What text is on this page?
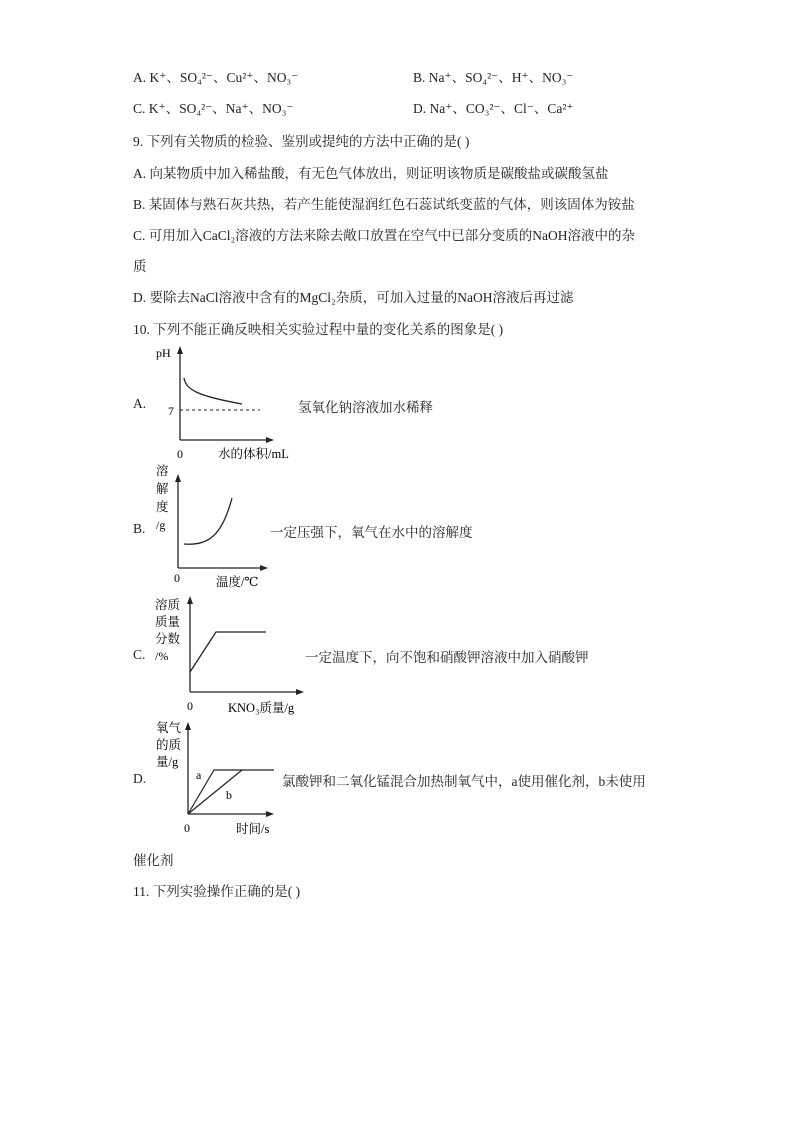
A. K⁺、SO₄²⁻、Cu²⁺、NO₃⁻	B. Na⁺、SO₄²⁻、H⁺、NO₃⁻
C. K⁺、SO₄²⁻、Na⁺、NO₃⁻	D. Na⁺、CO₃²⁻、Cl⁻、Ca²⁺
9. 下列有关物质的检验、鉴别或提纯的方法中正确的是( )
A. 向某物质中加入稀盐酸，有无色气体放出，则证明该物质是碳酸盐或碳酸氢盐
B. 某固体与熟石灰共热，若产生能使湿润红色石蕊试纸变蓝的气体，则该固体为铵盐
C. 可用加入CaCl₂溶液的方法来除去敞口放置在空气中已部分变质的NaOH溶液中的杂
质
D. 要除去NaCl溶液中含有的MgCl₂杂质，可加入过量的NaOH溶液后再过滤
10. 下列不能正确反映相关实验过程中量的变化关系的图象是( )
A.
pH
7
0	水的体积/mL
氢氧化钠溶液加水稀释
B.
溶
解
度
/g
0	温度/℃
一定压强下，氧气在水中的溶解度
C.
溶质
质量
分数
/%
0	KNO₃质量/g
一定温度下，向不饱和硝酸钾溶液中加入硝酸钾
D.
氧气
的质
量/g
a
b
0	时间/s
氯酸钾和二氧化锰混合加热制氧气中，a使用催化剂，b未使用
催化剂
11. 下列实验操作正确的是( )
